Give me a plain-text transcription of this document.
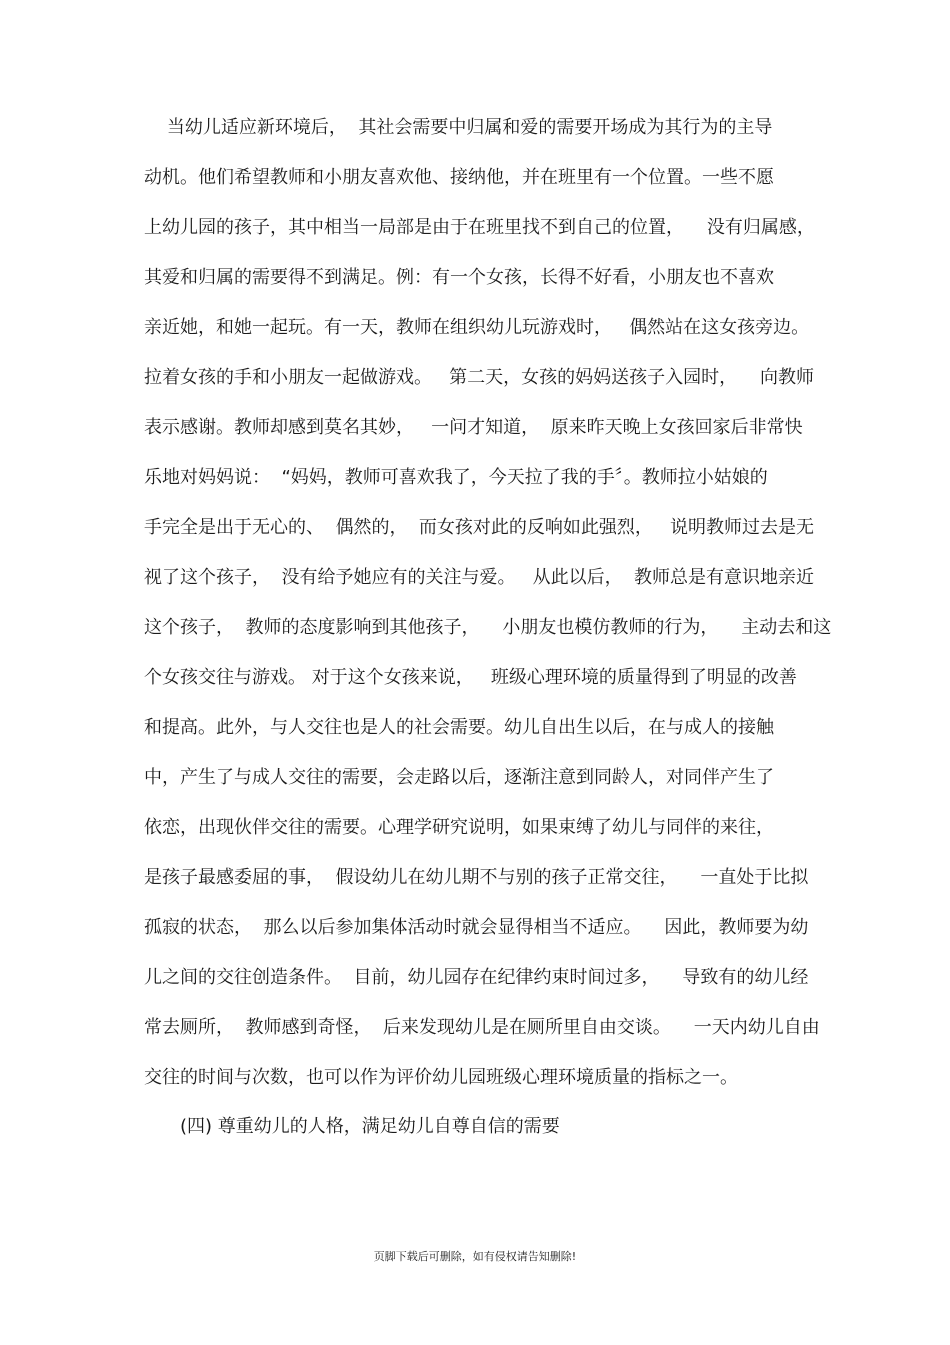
当幼儿适应新环境后，  其社会需要中归属和爱的需要开场成为其行为的主导
动机。他们希望教师和小朋友喜欢他、接纳他，并在班里有一个位置。一些不愿
上幼儿园的孩子，其中相当一局部是由于在班里找不到自己的位置，    没有归属感，
其爱和归属的需要得不到满足。例：有一个女孩，长得不好看，小朋友也不喜欢
亲近她，和她一起玩。有一天，教师在组织幼儿玩游戏时，   偶然站在这女孩旁边。
拉着女孩的手和小朋友一起做游戏。   第二天，女孩的妈妈送孩子入园时，    向教师
表示感谢。教师却感到莫名其妙，   一问才知道，  原来昨天晚上女孩回家后非常快
乐地对妈妈说：  “妈妈，教师可喜欢我了，今天拉了我的手〞。教师拉小姑娘的
手完全是出于无心的、  偶然的，  而女孩对此的反响如此强烈，   说明教师过去是无
视了这个孩子，  没有给予她应有的关注与爱。   从此以后，  教师总是有意识地亲近
这个孩子，  教师的态度影响到其他孩子，    小朋友也模仿教师的行为，    主动去和这
个女孩交往与游戏。 对于这个女孩来说，   班级心理环境的质量得到了明显的改善
和提高。此外，与人交往也是人的社会需要。幼儿自出生以后，在与成人的接触
中，产生了与成人交往的需要，会走路以后，逐渐注意到同龄人，对同伴产生了
依恋，出现伙伴交往的需要。心理学研究说明，如果束缚了幼儿与同伴的来往，
是孩子最感委屈的事，  假设幼儿在幼儿期不与别的孩子正常交往，    一直处于比拟
孤寂的状态，  那么以后参加集体活动时就会显得相当不适应。    因此，教师要为幼
儿之间的交往创造条件。  目前，幼儿园存在纪律约束时间过多，    导致有的幼儿经
常去厕所，  教师感到奇怪，  后来发现幼儿是在厕所里自由交谈。    一天内幼儿自由
交往的时间与次数，也可以作为评价幼儿园班级心理环境质量的指标之一。
(四) 尊重幼儿的人格，满足幼儿自尊自信的需要
页脚下载后可删除，如有侵权请告知删除!
